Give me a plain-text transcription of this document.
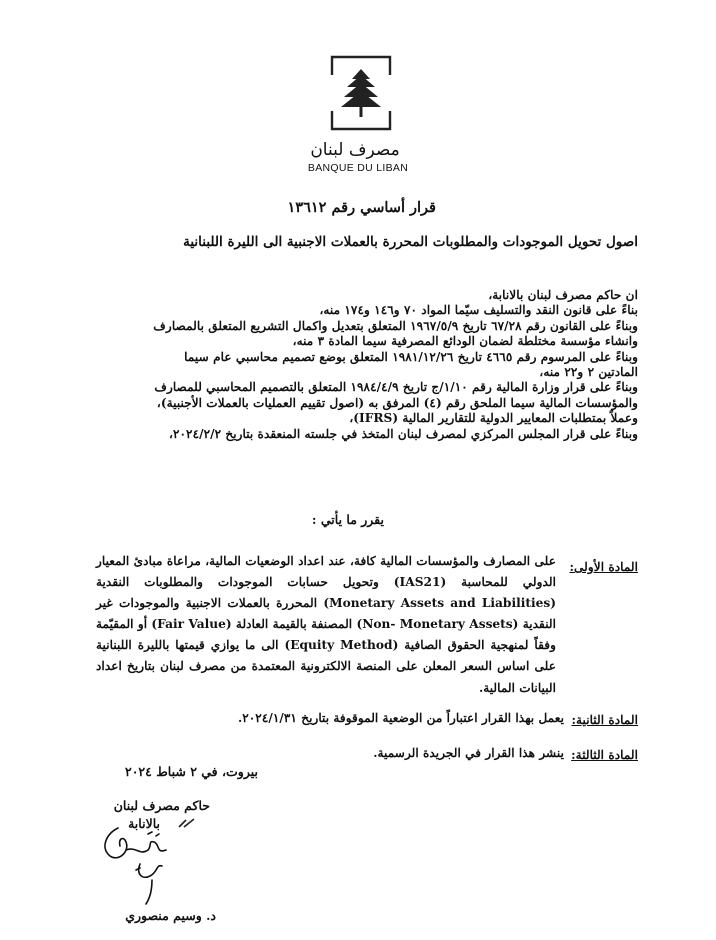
مصرف لبنان
BANQUE DU LIBAN
قرار أساسي رقم ١٣٦١٢
اصول تحويل الموجودات والمطلوبات المحررة بالعملات الاجنبية الى الليرة اللبنانية

ان حاكم مصرف لبنان بالانابة،

بناءً على قانون النقد والتسليف سيّما المواد ٧٠ و١٤٦ و١٧٤ منه،

وبناءً على القانون رقم ٦٧/٢٨ تاريخ ١٩٦٧/٥/٩ المتعلق بتعديل واكمال التشريع المتعلق بالمصارف وانشاء مؤسسة مختلطة لضمان الودائع المصرفية سيما المادة ٣ منه،

وبناءً على المرسوم رقم ٤٦٦٥ تاريخ ١٩٨١/١٢/٢٦ المتعلق بوضع تصميم محاسبي عام سيما المادتين ٢ و٢٢ منه،

وبناءً على قرار وزارة المالية رقم ١/١٠/ج تاريخ ١٩٨٤/٤/٩ المتعلق بالتصميم المحاسبي للمصارف والمؤسسات المالية سيما الملحق رقم (٤) المرفق به (اصول تقييم العمليات بالعملات الأجنبية)،

وعملاً بمتطلبات المعايير الدولية للتقارير المالية (IFRS)،

وبناءً على قرار المجلس المركزي لمصرف لبنان المتخذ في جلسته المنعقدة بتاريخ ٢٠٢٤/٢/٢،

يقرر ما يأتي :
المادة الأولى:
على المصارف والمؤسسات المالية كافة، عند اعداد الوضعيات المالية، مراعاة مبادئ المعيار الدولي للمحاسبة (IAS21) وتحويل حسابات الموجودات والمطلوبات النقدية (Monetary Assets and Liabilities) المحررة بالعملات الاجنبية والموجودات غير النقدية (Non- Monetary Assets) المصنفة بالقيمة العادلة (Fair Value) أو المقيّمة وفقاً لمنهجية الحقوق الصافية (Equity Method) الى ما يوازي قيمتها بالليرة اللبنانية على اساس السعر المعلن على المنصة الالكترونية المعتمدة من مصرف لبنان بتاريخ اعداد البيانات المالية.
المادة الثانية:
يعمل بهذا القرار اعتباراً من الوضعية الموقوفة بتاريخ ٢٠٢٤/١/٣١.
المادة الثالثة:
ينشر هذا القرار في الجريدة الرسمية.
بيروت، في ٢ شباط ٢٠٢٤
حاكم مصرف لبنان
بالانابة
د. وسيم منصوري
